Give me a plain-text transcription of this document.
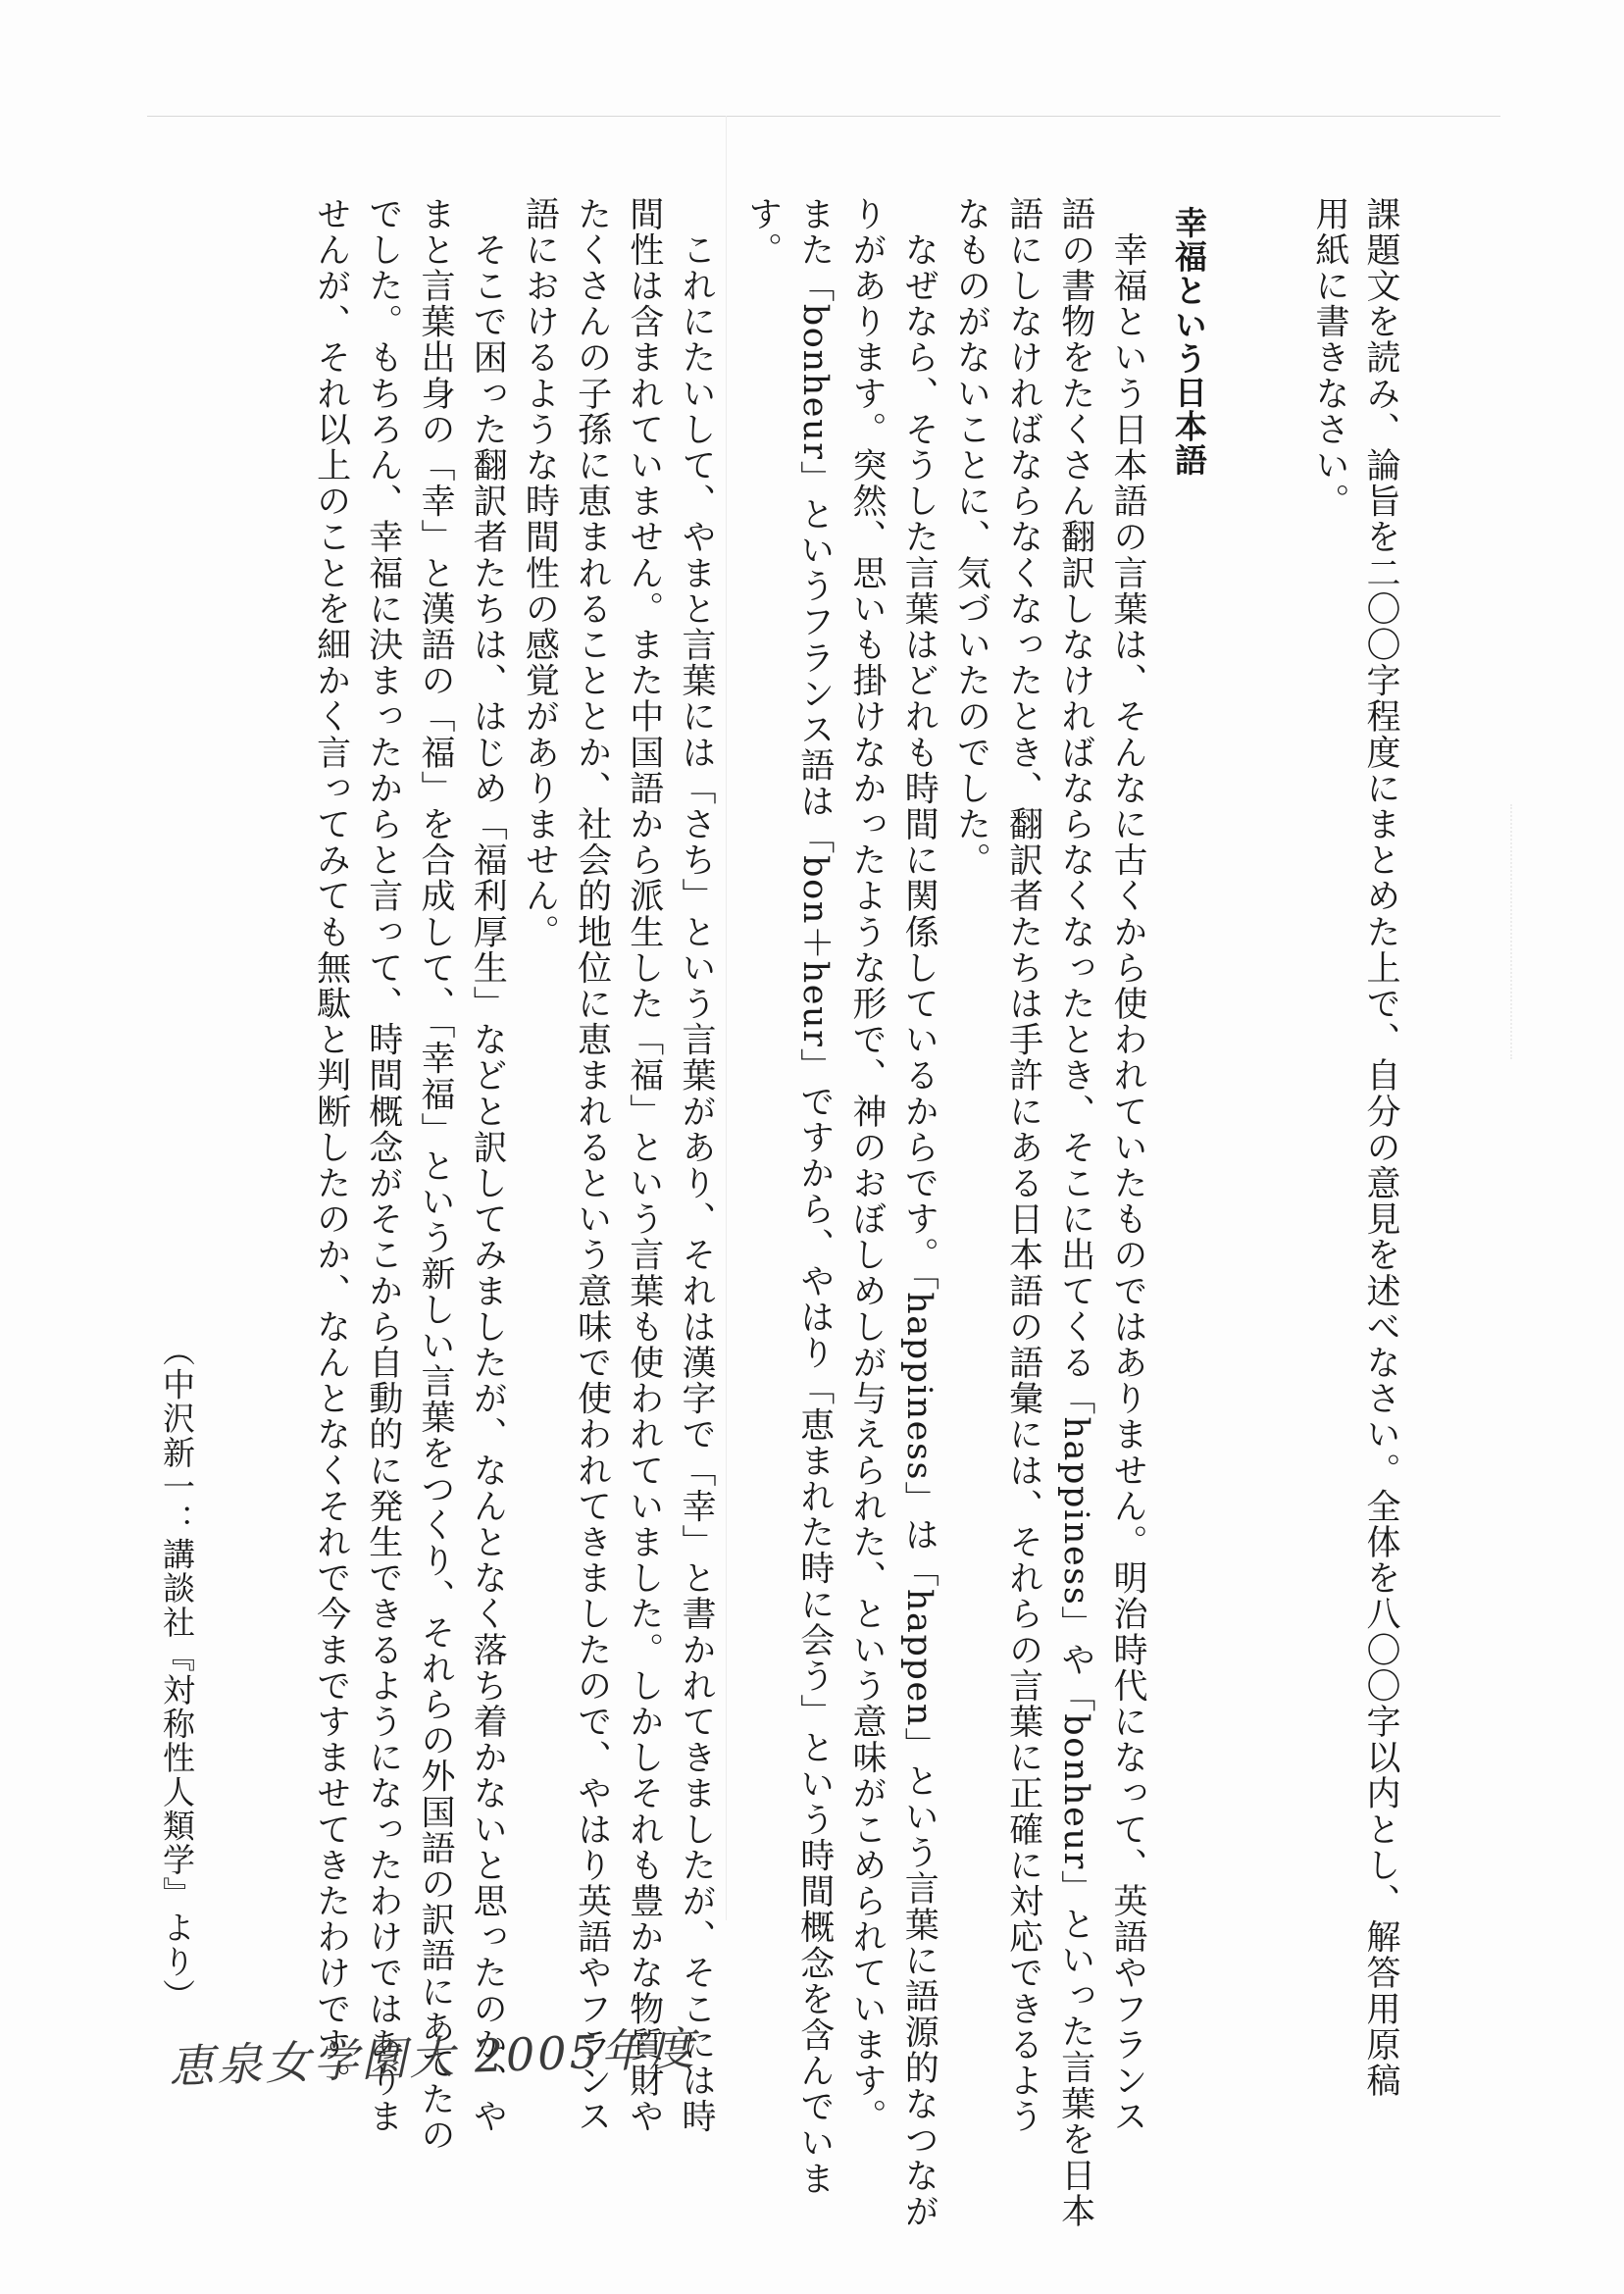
課題文を読み、論旨を二〇〇字程度にまとめた上で、自分の意見を述べなさい。全体を八〇〇字以内とし、解答用原稿
用紙に書きなさい。
幸福という日本語
　幸福という日本語の言葉は、そんなに古くから使われていたものではありません。明治時代になって、英語やフランス
語の書物をたくさん翻訳しなければならなくなったとき、そこに出てくる「happiness」や「bonheur」といった言葉を日本
語にしなければならなくなったとき、翻訳者たちは手許にある日本語の語彙には、それらの言葉に正確に対応できるよう
なものがないことに、気づいたのでした。
　なぜなら、そうした言葉はどれも時間に関係しているからです。「happiness」は「happen」という言葉に語源的なつなが
りがあります。突然、思いも掛けなかったような形で、神のおぼしめしが与えられた、という意味がこめられています。
また「bonheur」というフランス語は「bon＋heur」ですから、やはり「恵まれた時に会う」という時間概念を含んでいま
す。
　これにたいして、やまと言葉には「さち」という言葉があり、それは漢字で「幸」と書かれてきましたが、そこには時
間性は含まれていません。また中国語から派生した「福」という言葉も使われていました。しかしそれも豊かな物質財や
たくさんの子孫に恵まれることとか、社会的地位に恵まれるという意味で使われてきましたので、やはり英語やフランス
語におけるような時間性の感覚がありません。
　そこで困った翻訳者たちは、はじめ「福利厚生」などと訳してみましたが、なんとなく落ち着かないと思ったのか、や
まと言葉出身の「幸」と漢語の「福」を合成して、「幸福」という新しい言葉をつくり、それらの外国語の訳語にあてたの
でした。もちろん、幸福に決まったからと言って、時間概念がそこから自動的に発生できるようになったわけではありま
せんが、それ以上のことを細かく言ってみても無駄と判断したのか、なんとなくそれで今まですませてきたわけです。
（中沢新一：講談社『対称性人類学』より）
恵泉女学園大 2005年度
